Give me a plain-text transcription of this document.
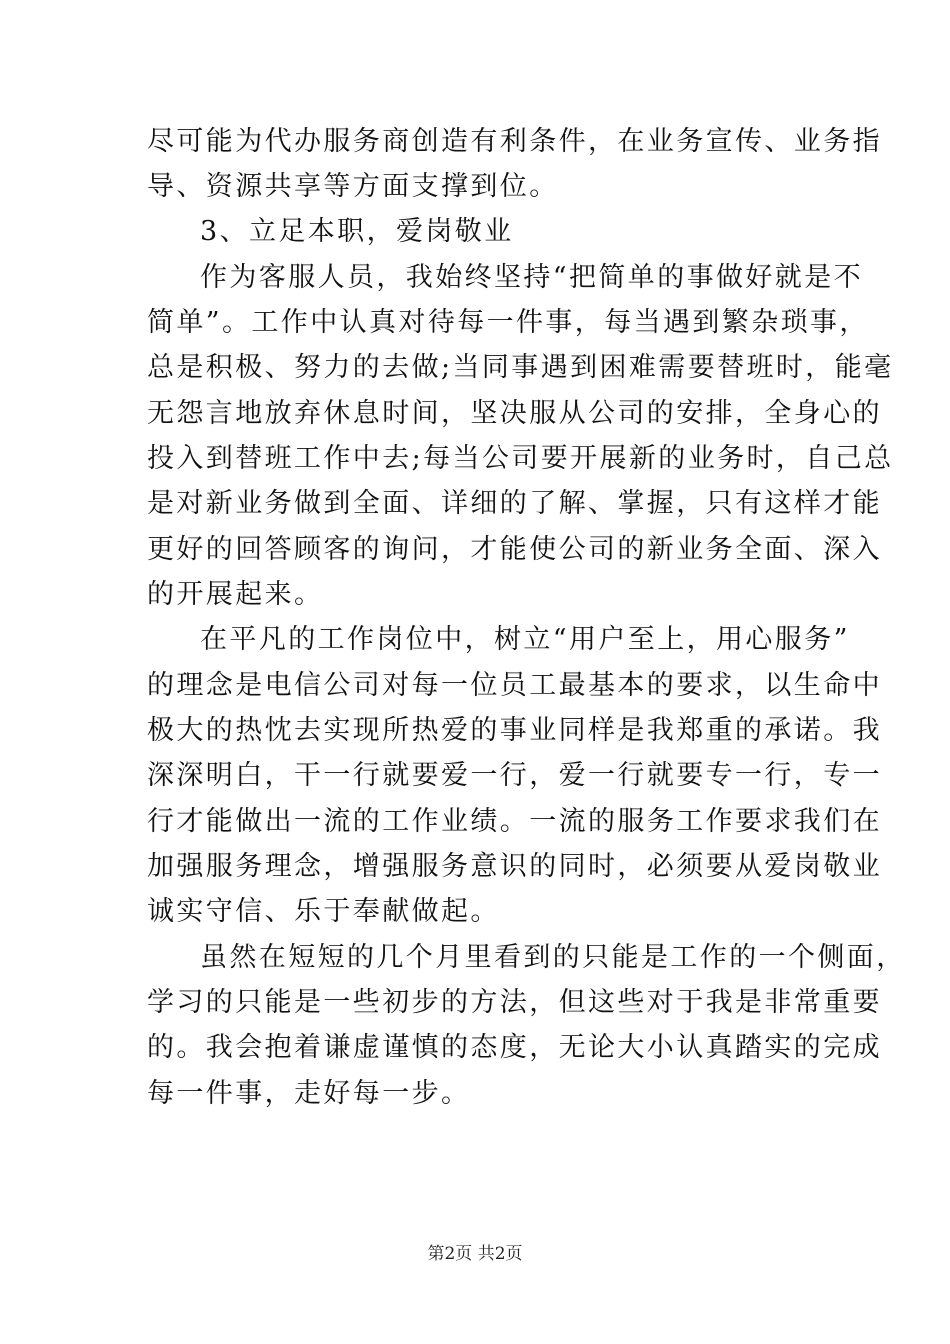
尽可能为代办服务商创造有利条件，在业务宣传、业务指
导、资源共享等方面支撑到位。
3、立足本职，爱岗敬业
作为客服人员，我始终坚持“把简单的事做好就是不
简单”。工作中认真对待每一件事，每当遇到繁杂琐事，
总是积极、努力的去做;当同事遇到困难需要替班时，能毫
无怨言地放弃休息时间，坚决服从公司的安排，全身心的
投入到替班工作中去;每当公司要开展新的业务时，自己总
是对新业务做到全面、详细的了解、掌握，只有这样才能
更好的回答顾客的询问，才能使公司的新业务全面、深入
的开展起来。
在平凡的工作岗位中，树立“用户至上，用心服务”
的理念是电信公司对每一位员工最基本的要求，以生命中
极大的热忱去实现所热爱的事业同样是我郑重的承诺。我
深深明白，干一行就要爱一行，爱一行就要专一行，专一
行才能做出一流的工作业绩。一流的服务工作要求我们在
加强服务理念，增强服务意识的同时，必须要从爱岗敬业
诚实守信、乐于奉献做起。
虽然在短短的几个月里看到的只能是工作的一个侧面，
学习的只能是一些初步的方法，但这些对于我是非常重要
的。我会抱着谦虚谨慎的态度，无论大小认真踏实的完成
每一件事，走好每一步。
第2页 共2页
